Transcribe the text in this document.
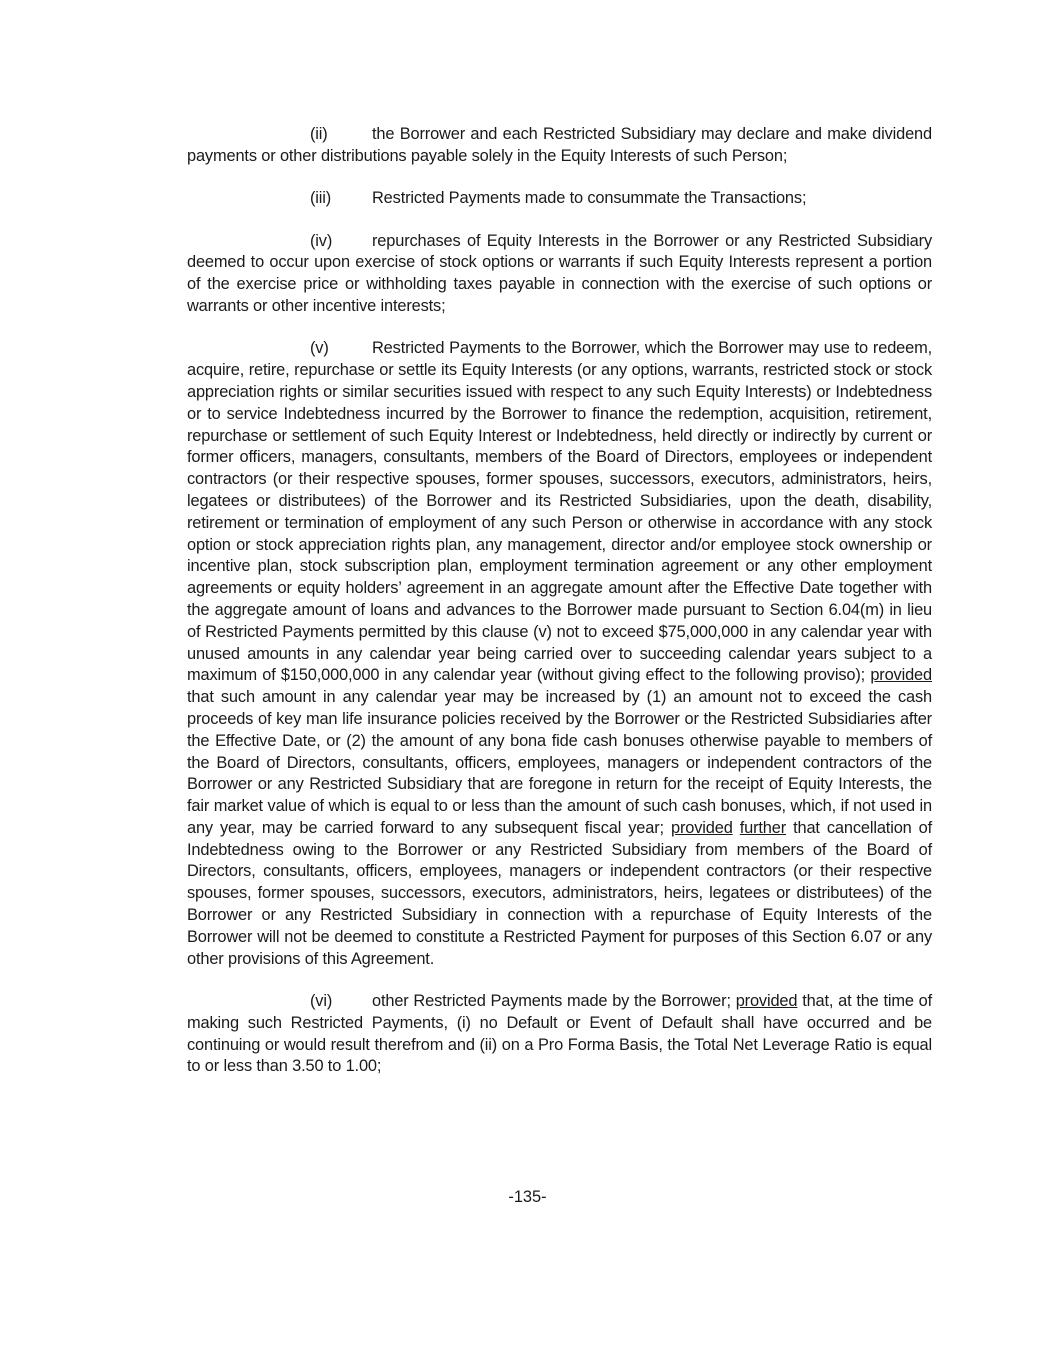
(ii)	the Borrower and each Restricted Subsidiary may declare and make dividend payments or other distributions payable solely in the Equity Interests of such Person;

(iii) Restricted Payments made to consummate the Transactions;

(iv) repurchases of Equity Interests in the Borrower or any Restricted Subsidiary deemed to occur upon exercise of stock options or warrants if such Equity Interests represent a portion of the exercise price or withholding taxes payable in connection with the exercise of such options or warrants or other incentive interests;

(v)	Restricted Payments to the Borrower, which the Borrower may use to redeem, acquire, retire, repurchase or settle its Equity Interests (or any options, warrants, restricted stock or stock appreciation rights or similar securities issued with respect to any such Equity Interests) or Indebtedness or to service Indebtedness incurred by the Borrower to finance the redemption, acquisition, retirement, repurchase or settlement of such Equity Interest or Indebtedness, held directly or indirectly by current or former officers, managers, consultants, members of the Board of Directors, employees or independent contractors (or their respective spouses, former spouses, successors, executors, administrators, heirs, legatees or distributees) of the Borrower and its Restricted Subsidiaries, upon the death, disability, retirement or termination of employment of any such Person or otherwise in accordance with any stock option or stock appreciation rights plan, any management, director and/or employee stock ownership or incentive plan, stock subscription plan, employment termination agreement or any other employment agreements or equity holders’ agreement in an aggregate amount after the Effective Date together with the aggregate amount of loans and advances to the Borrower made pursuant to Section 6.04(m) in lieu of Restricted Payments permitted by this clause (v) not to exceed $75,000,000 in any calendar year with unused amounts in any calendar year being carried over to succeeding calendar years subject to a maximum of $150,000,000 in any calendar year (without giving effect to the following proviso); provided that such amount in any calendar year may be increased by (1) an amount not to exceed the cash proceeds of key man life insurance policies received by the Borrower or the Restricted Subsidiaries after the Effective Date, or (2) the amount of any bona fide cash bonuses otherwise payable to members of the Board of Directors, consultants, officers, employees, managers or independent contractors of the Borrower or any Restricted Subsidiary that are foregone in return for the receipt of Equity Interests, the fair market value of which is equal to or less than the amount of such cash bonuses, which, if not used in any year, may be carried forward to any subsequent fiscal year; provided further that cancellation of Indebtedness owing to the Borrower or any Restricted Subsidiary from members of the Board of Directors, consultants, officers, employees, managers or independent contractors (or their respective spouses, former spouses, successors, executors, administrators, heirs, legatees or distributees) of the Borrower or any Restricted Subsidiary in connection with a repurchase of Equity Interests of the Borrower will not be deemed to constitute a Restricted Payment for purposes of this Section 6.07 or any other provisions of this Agreement.

(vi) other Restricted Payments made by the Borrower; provided that, at the time of making such Restricted Payments, (i) no Default or Event of Default shall have occurred and be continuing or would result therefrom and (ii) on a Pro Forma Basis, the Total Net Leverage Ratio is equal to or less than 3.50 to 1.00;

-135-
